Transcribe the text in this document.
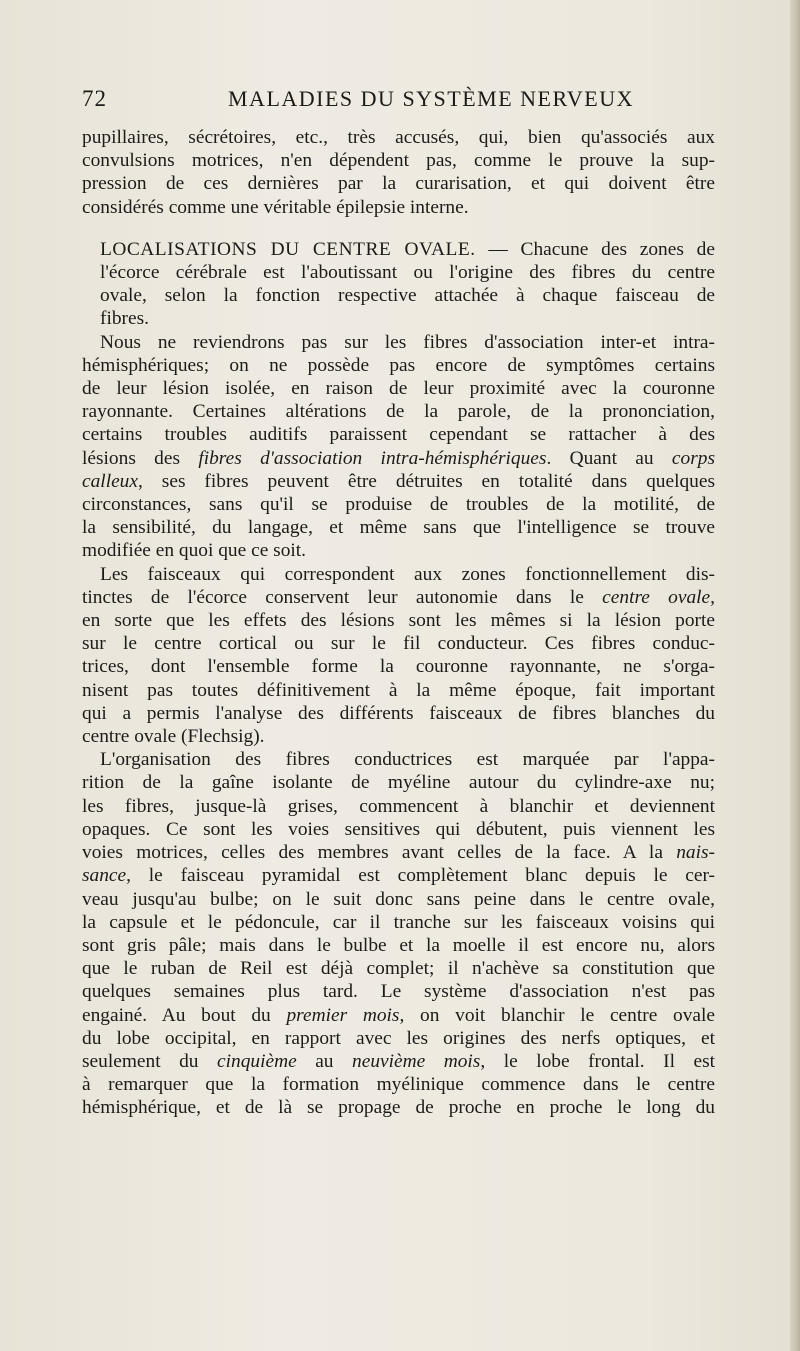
72	MALADIES DU SYSTÈME NERVEUX

pupillaires, sécrétoires, etc., très accusés, qui, bien qu'associés aux
convulsions motrices, n'en dépendent pas, comme le prouve la sup-
pression de ces dernières par la curarisation, et qui doivent être
considérés comme une véritable épilepsie interne.

LOCALISATIONS DU CENTRE OVALE. — Chacune des zones de
l'écorce cérébrale est l'aboutissant ou l'origine des fibres du centre
ovale, selon la fonction respective attachée à chaque faisceau de
fibres.

Nous ne reviendrons pas sur les fibres d'association inter-et intra-
hémisphériques; on ne possède pas encore de symptômes certains
de leur lésion isolée, en raison de leur proximité avec la couronne
rayonnante. Certaines altérations de la parole, de la prononciation,
certains troubles auditifs paraissent cependant se rattacher à des
lésions des fibres d'association intra-hémisphériques. Quant au corps
calleux, ses fibres peuvent être détruites en totalité dans quelques
circonstances, sans qu'il se produise de troubles de la motilité, de
la sensibilité, du langage, et même sans que l'intelligence se trouve
modifiée en quoi que ce soit.

Les faisceaux qui correspondent aux zones fonctionnellement dis-
tinctes de l'écorce conservent leur autonomie dans le centre ovale,
en sorte que les effets des lésions sont les mêmes si la lésion porte
sur le centre cortical ou sur le fil conducteur. Ces fibres conduc-
trices, dont l'ensemble forme la couronne rayonnante, ne s'orga-
nisent pas toutes définitivement à la même époque, fait important
qui a permis l'analyse des différents faisceaux de fibres blanches du
centre ovale (Flechsig).

L'organisation des fibres conductrices est marquée par l'appa-
rition de la gaîne isolante de myéline autour du cylindre-axe nu;
les fibres, jusque-là grises, commencent à blanchir et deviennent
opaques. Ce sont les voies sensitives qui débutent, puis viennent les
voies motrices, celles des membres avant celles de la face. A la nais-
sance, le faisceau pyramidal est complètement blanc depuis le cer-
veau jusqu'au bulbe; on le suit donc sans peine dans le centre ovale,
la capsule et le pédoncule, car il tranche sur les faisceaux voisins qui
sont gris pâle; mais dans le bulbe et la moelle il est encore nu, alors
que le ruban de Reil est déjà complet; il n'achève sa constitution que
quelques semaines plus tard. Le système d'association n'est pas
engainé. Au bout du premier mois, on voit blanchir le centre ovale
du lobe occipital, en rapport avec les origines des nerfs optiques, et
seulement du cinquième au neuvième mois, le lobe frontal. Il est
à remarquer que la formation myélinique commence dans le centre
hémisphérique, et de là se propage de proche en proche le long du
